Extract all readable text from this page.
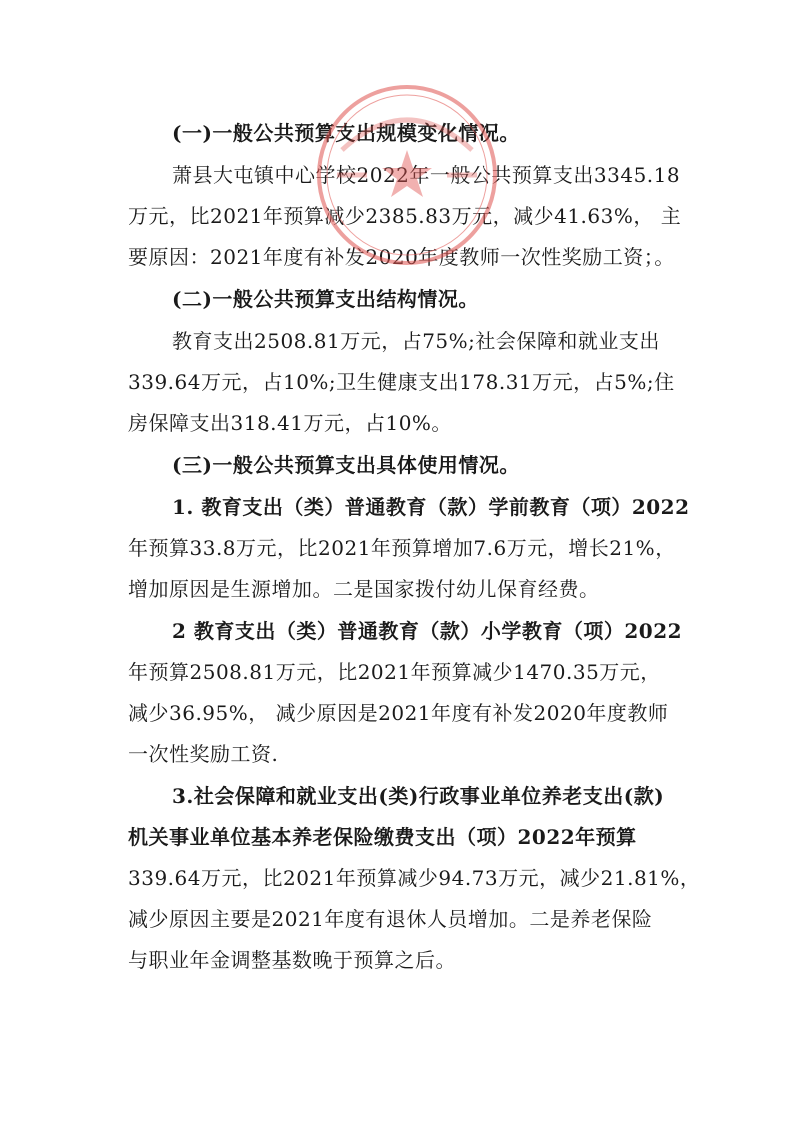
(一)一般公共预算支出规模变化情况。
萧县大屯镇中心学校2022年一般公共预算支出3345.18
万元，比2021年预算减少2385.83万元，减少41.63%， 主
要原因：2021年度有补发2020年度教师一次性奖励工资；。
(二)一般公共预算支出结构情况。
教育支出2508.81万元，占75%;社会保障和就业支出
339.64万元，占10%;卫生健康支出178.31万元，占5%;住
房保障支出318.41万元，占10%。
(三)一般公共预算支出具体使用情况。
1. 教育支出（类）普通教育（款）学前教育（项）2022
年预算33.8万元，比2021年预算增加7.6万元，增长21%，
增加原因是生源增加。二是国家拨付幼儿保育经费。
2 教育支出（类）普通教育（款）小学教育（项）2022
年预算2508.81万元，比2021年预算减少1470.35万元，
减少36.95%， 减少原因是2021年度有补发2020年度教师
一次性奖励工资.
3.社会保障和就业支出(类)行政事业单位养老支出(款)
机关事业单位基本养老保险缴费支出（项）2022年预算
339.64万元，比2021年预算减少94.73万元，减少21.81%，
减少原因主要是2021年度有退休人员增加。二是养老保险
与职业年金调整基数晚于预算之后。
